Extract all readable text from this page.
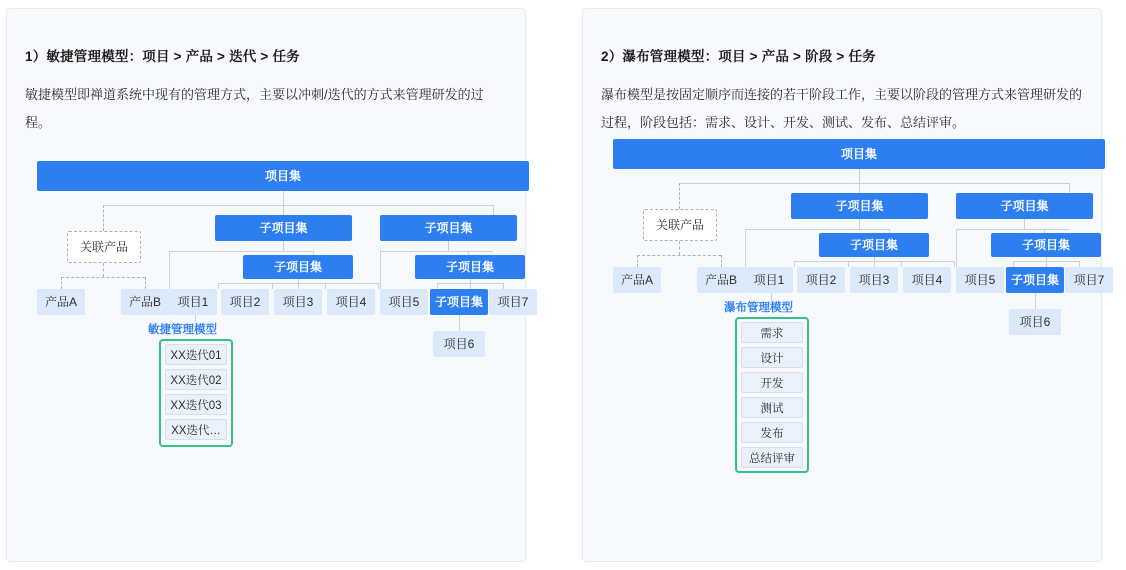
1）敏捷管理模型：项目 > 产品 > 迭代 > 任务
敏捷模型即禅道系统中现有的管理方式，主要以冲刺/迭代的方式来管理研发的过程。
项目集
关联产品
子项目集	子项目集
子项目集	子项目集
产品A	产品B	项目1	项目2	项目3	项目4	项目5	子项目集	项目7
项目6
敏捷管理模型
XX迭代01
XX迭代02
XX迭代03
XX迭代…
2）瀑布管理模型：项目 > 产品 > 阶段 > 任务
瀑布模型是按固定顺序而连接的若干阶段工作，主要以阶段的管理方式来管理研发的过程，阶段包括：需求、设计、开发、测试、发布、总结评审。
项目集
关联产品
子项目集	子项目集
子项目集	子项目集
产品A	产品B	项目1	项目2	项目3	项目4	项目5	子项目集	项目7
项目6
瀑布管理模型
需求
设计
开发
测试
发布
总结评审
